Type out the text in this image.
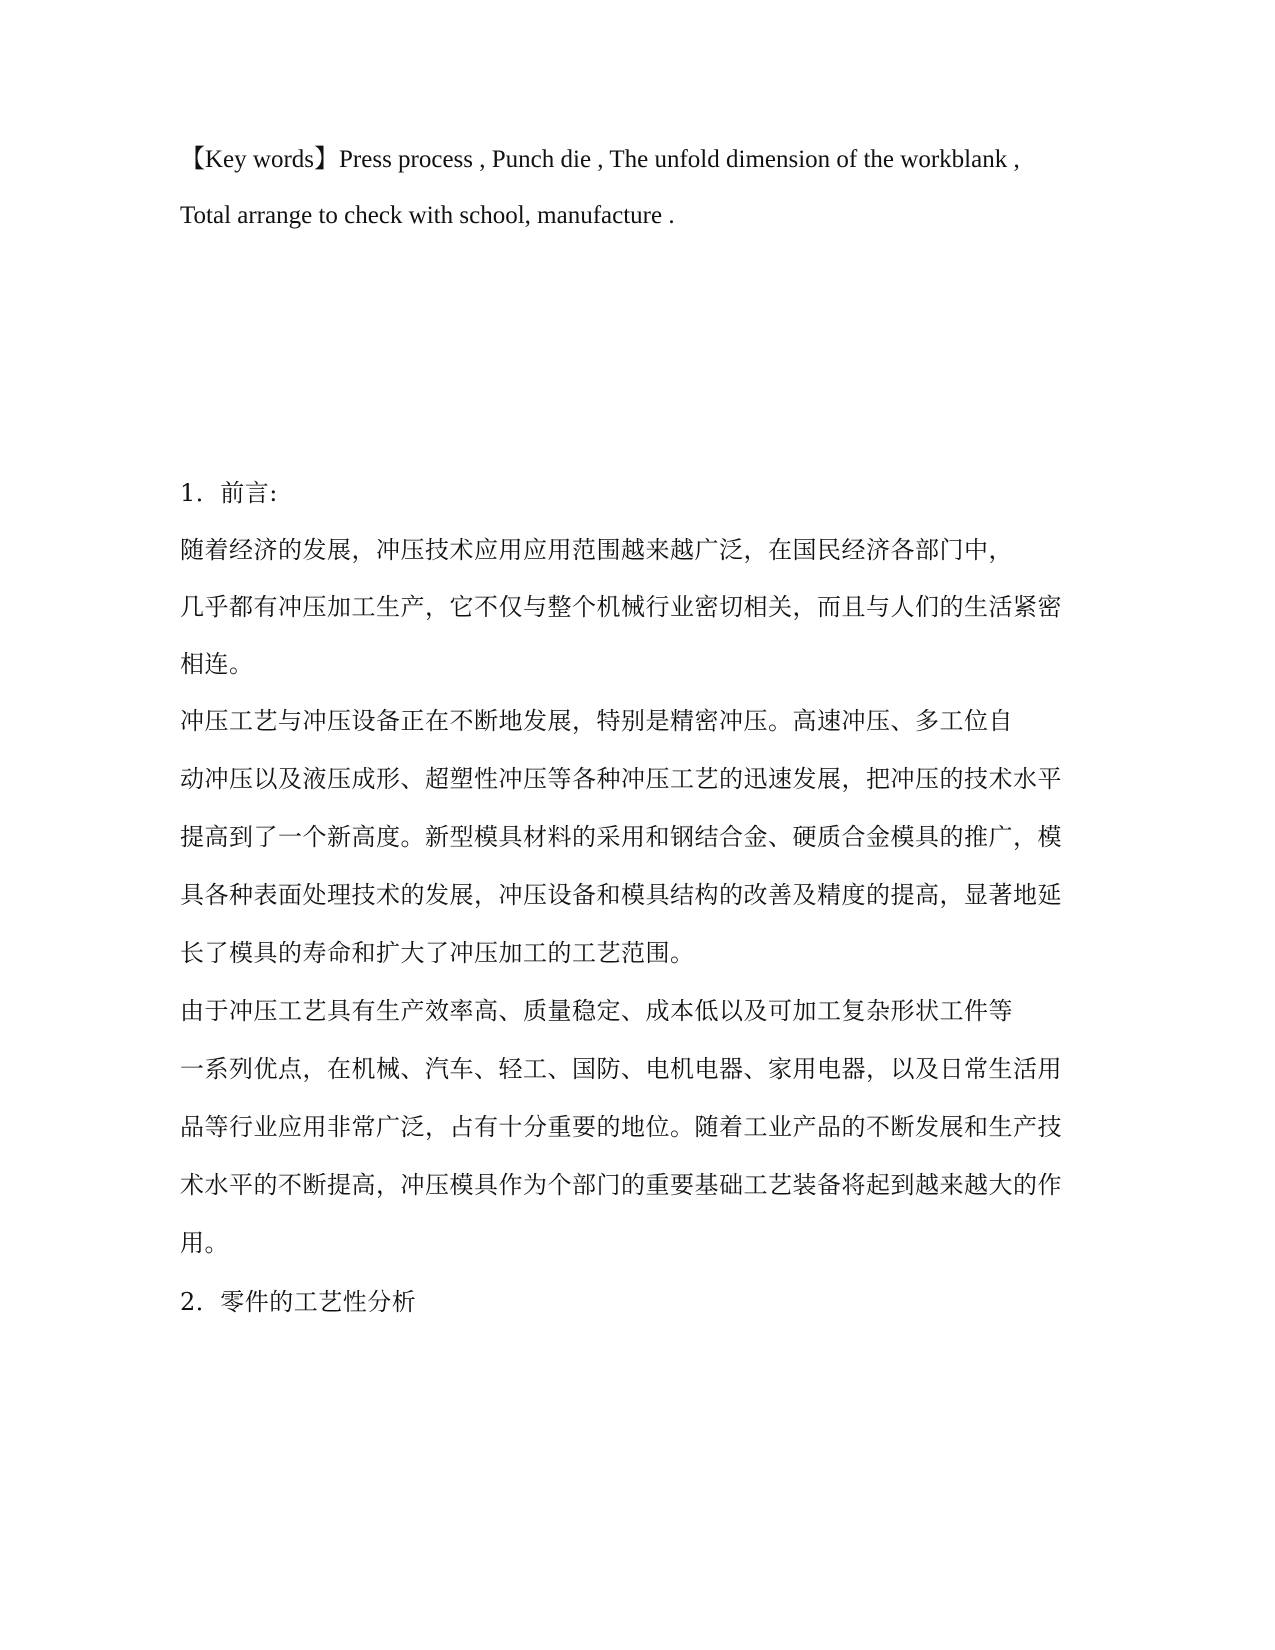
【Key words】Press process , Punch die , The unfold dimension of the workblank ,
Total arrange to check with school, manufacture .
1．前言:
随着经济的发展，冲压技术应用应用范围越来越广泛，在国民经济各部门中，
几乎都有冲压加工生产，它不仅与整个机械行业密切相关，而且与人们的生活紧密
相连。
冲压工艺与冲压设备正在不断地发展，特别是精密冲压。高速冲压、多工位自
动冲压以及液压成形、超塑性冲压等各种冲压工艺的迅速发展，把冲压的技术水平
提高到了一个新高度。新型模具材料的采用和钢结合金、硬质合金模具的推广，模
具各种表面处理技术的发展，冲压设备和模具结构的改善及精度的提高，显著地延
长了模具的寿命和扩大了冲压加工的工艺范围。
由于冲压工艺具有生产效率高、质量稳定、成本低以及可加工复杂形状工件等
一系列优点，在机械、汽车、轻工、国防、电机电器、家用电器，以及日常生活用
品等行业应用非常广泛，占有十分重要的地位。随着工业产品的不断发展和生产技
术水平的不断提高，冲压模具作为个部门的重要基础工艺装备将起到越来越大的作
用。
2．零件的工艺性分析
